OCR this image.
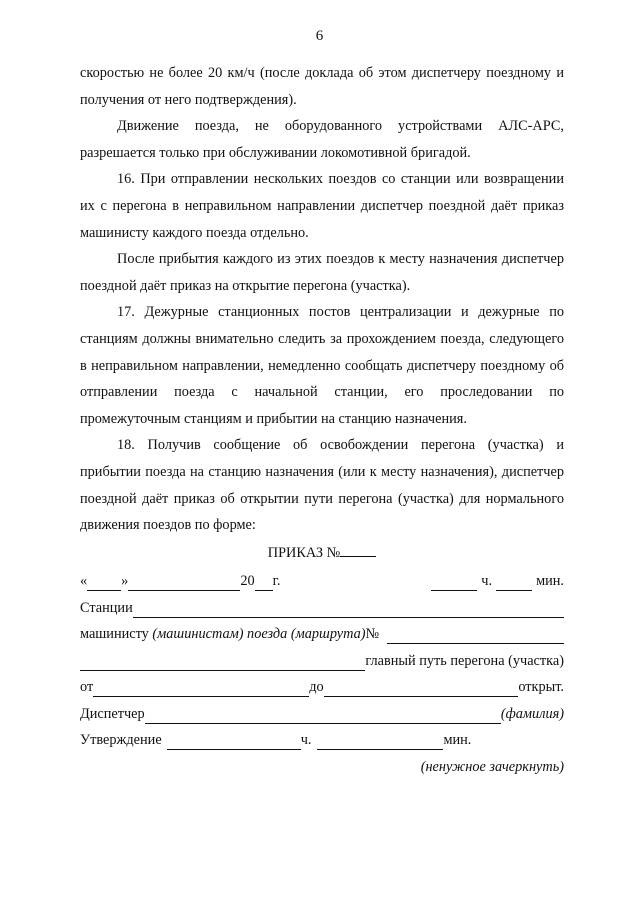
6

скоростью не более 20 км/ч (после доклада об этом диспетчеру поездному и получения от него подтверждения).

Движение поезда, не оборудованного устройствами АЛС-АРС, разрешается только при обслуживании локомотивной бригадой.

16. При отправлении нескольких поездов со станции или возвращении их с перегона в неправильном направлении диспетчер поездной даёт приказ машинисту каждого поезда отдельно.

После прибытия каждого из этих поездов к месту назначения диспетчер поездной даёт приказ на открытие перегона (участка).

17. Дежурные станционных постов централизации и дежурные по станциям должны внимательно следить за прохождением поезда, следующего в неправильном направлении, немедленно сообщать диспетчеру поездному об отправлении поезда с начальной станции, его проследовании по промежуточным станциям и прибытии на станцию назначения.

18. Получив сообщение об освобождении перегона (участка) и прибытии поезда на станцию назначения (или к месту назначения), диспетчер поездной даёт приказ об открытии пути перегона (участка) для нормального движения поездов по форме:

ПРИКАЗ №
« »	20 г.	ч.	мин.
Станции
машинисту
(машинистам) поезда (маршрута) №
главный путь перегона (участка)
от	до	открыт.
Диспетчер	(фамилия)
Утверждение	ч.	мин.
(ненужное зачеркнуть)
